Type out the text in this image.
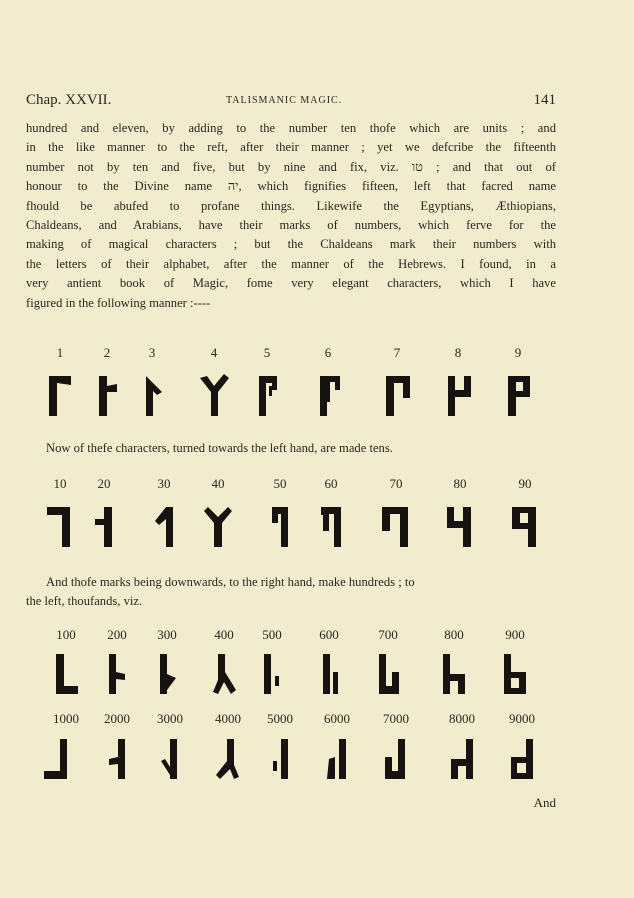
Chap. XXVII.	TALISMANIC MAGIC.	141
hundred and eleven, by adding to the number ten thofe which are units ; and
in the like manner to the reft, after their manner ; yet we defcribe the fifteenth
number not by ten and five, but by nine and fix, viz. טו ; and that out of
honour to the Divine name יה, which fignifies fifteen, left that facred name
fhould be abufed to profane things. Likewife the Egyptians, Æthiopians,
Chaldeans, and Arabians, have their marks of numbers, which ferve for the
making of magical characters ; but the Chaldeans mark their numbers with
the letters of their alphabet, after the manner of the Hebrews. I found, in a
very antient book of Magic, fome very elegant characters, which I have
figured in the following manner :----
1	2	3	4	5	6	7	8	9
Now of thefe characters, turned towards the left hand, are made tens.
10	20	30	40	50	60	70	80	90
And thofe marks being downwards, to the right hand, make hundreds ; to
the left, thoufands, viz.
100	200	300	400	500	600	700	800	900
1000	2000	3000	4000	5000	6000	7000	8000	9000
And
